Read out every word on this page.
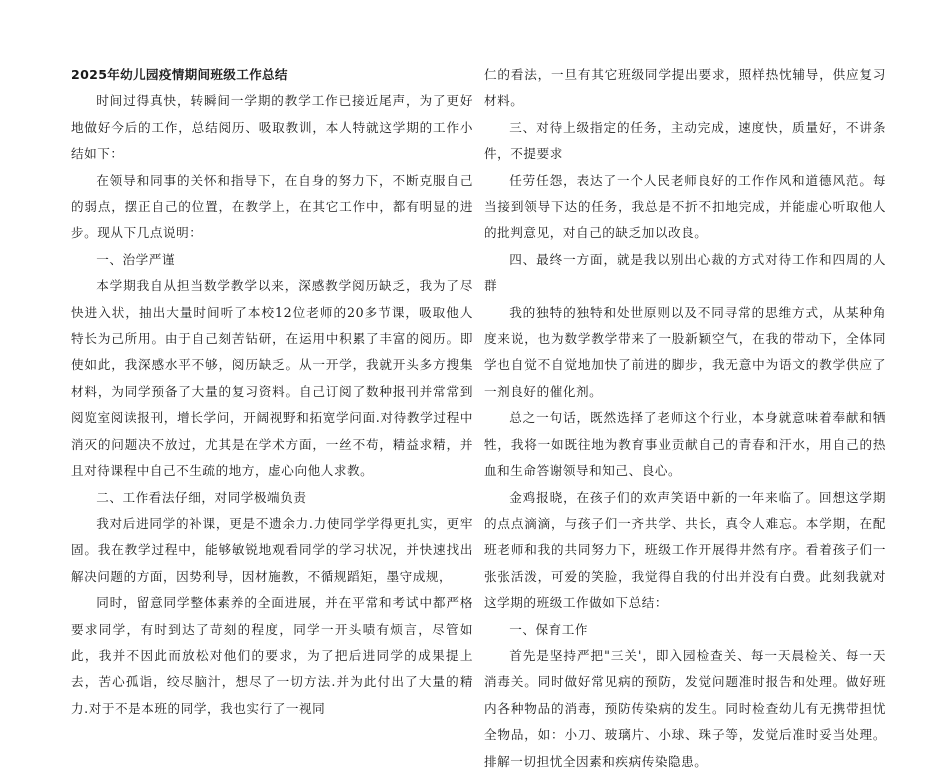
2025年幼儿园疫情期间班级工作总结

时间过得真快，转瞬间一学期的教学工作已接近尾声，为了更好地做好今后的工作，总结阅历、吸取教训，本人特就这学期的工作小结如下：

在领导和同事的关怀和指导下，在自身的努力下，不断克服自己的弱点，摆正自己的位置，在教学上，在其它工作中，都有明显的进步。现从下几点说明：

一、治学严谨

本学期我自从担当数学教学以来，深感教学阅历缺乏，我为了尽快进入状，抽出大量时间听了本校12位老师的20多节课，吸取他人特长为己所用。由于自己刻苦钻研，在运用中积累了丰富的阅历。即使如此，我深感水平不够，阅历缺乏。从一开学，我就开头多方搜集材料，为同学预备了大量的复习资料。自己订阅了数种报刊并常常到阅览室阅读报刊，增长学问，开阔视野和拓宽学问面.对待教学过程中消灭的问题决不放过，尤其是在学术方面，一丝不苟，精益求精，并且对待课程中自己不生疏的地方，虚心向他人求教。

二、工作看法仔细，对同学极端负责

我对后进同学的补课，更是不遗余力.力使同学学得更扎实，更牢固。我在教学过程中，能够敏锐地观看同学的学习状况，并快速找出解决问题的方面，因势利导，因材施教，不循规蹈矩，墨守成规，

同时，留意同学整体素养的全面进展，并在平常和考试中都严格要求同学，有时到达了苛刻的程度，同学一开头啧有烦言，尽管如此，我并不因此而放松对他们的要求，为了把后进同学的成果提上去，苦心孤诣，绞尽脑汁，想尽了一切方法.并为此付出了大量的精力.对于不是本班的同学，我也实行了一视同

仁的看法，一旦有其它班级同学提出要求，照样热忱辅导，供应复习材料。

三、对待上级指定的任务，主动完成，速度快，质量好，不讲条件，不提要求

任劳任怨，表达了一个人民老师良好的工作作风和道德风范。每当接到领导下达的任务，我总是不折不扣地完成，并能虚心听取他人的批判意见，对自己的缺乏加以改良。

四、最终一方面，就是我以别出心裁的方式对待工作和四周的人群

我的独特的独特和处世原则以及不同寻常的思维方式，从某种角度来说，也为数学教学带来了一股新颖空气，在我的带动下，全体同学也自觉不自觉地加快了前进的脚步，我无意中为语文的教学供应了一剂良好的催化剂。

总之一句话，既然选择了老师这个行业，本身就意味着奉献和牺牲，我将一如既往地为教育事业贡献自己的青春和汗水，用自己的热血和生命答谢领导和知己、良心。

金鸡报晓，在孩子们的欢声笑语中新的一年来临了。回想这学期的点点滴滴，与孩子们一齐共学、共长，真令人难忘。本学期，在配班老师和我的共同努力下，班级工作开展得井然有序。看着孩子们一张张活泼，可爱的笑脸，我觉得自我的付出并没有白费。此刻我就对这学期的班级工作做如下总结：

一、保育工作

首先是坚持严把"三关'，即入园检查关、每一天晨检关、每一天消毒关。同时做好常见病的预防，发觉问题准时报告和处理。做好班内各种物品的消毒，预防传染病的发生。同时检查幼儿有无携带担忧全物品，如：小刀、玻璃片、小球、珠子等，发觉后准时妥当处理。排解一切担忧全因素和疾病传染隐患。
